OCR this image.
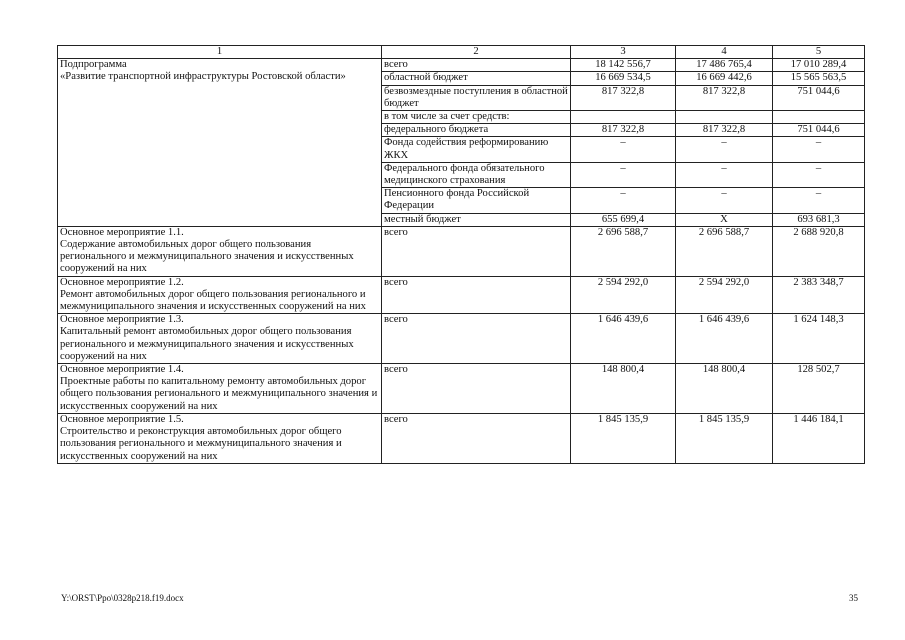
1	2	3	4	5

Подпрограмма
«Развитие транспортной инфраструктуры Ростовской области»	всего	18 142 556,7	17 486 765,4	17 010 289,4
	областной бюджет	16 669 534,5	16 669 442,6	15 565 563,5
	безвозмездные поступления в областной бюджет	817 322,8	817 322,8	751 044,6
	в том числе за счет средств:			
	федерального бюджета	817 322,8	817 322,8	751 044,6
	Фонда содействия реформированию ЖКХ	–	–	–
	Федерального фонда обязательного медицинского страхования	–	–	–
	Пенсионного фонда Российской Федерации	–	–	–
	местный бюджет	655 699,4	X	693 681,3

Основное мероприятие 1.1.
Содержание автомобильных дорог общего пользования регионального и межмуниципального значения и искусственных сооружений на них	всего	2 696 588,7	2 696 588,7	2 688 920,8

Основное мероприятие 1.2.
Ремонт автомобильных дорог общего пользования регионального и межмуниципального значения и искусственных сооружений на них	всего	2 594 292,0	2 594 292,0	2 383 348,7

Основное мероприятие 1.3.
Капитальный ремонт автомобильных дорог общего пользования регионального и межмуниципального значения и искусственных сооружений на них	всего	1 646 439,6	1 646 439,6	1 624 148,3

Основное мероприятие 1.4.
Проектные работы по капитальному ремонту автомобильных дорог общего пользования регионального и межмуниципального значения и искусственных сооружений на них	всего	148 800,4	148 800,4	128 502,7

Основное мероприятие 1.5.
Строительство и реконструкция автомобильных дорог общего пользования регионального и межмуниципального значения и искусственных сооружений на них	всего	1 845 135,9	1 845 135,9	1 446 184,1
Y:\ORST\Ppo\0328p218.f19.docx	35
